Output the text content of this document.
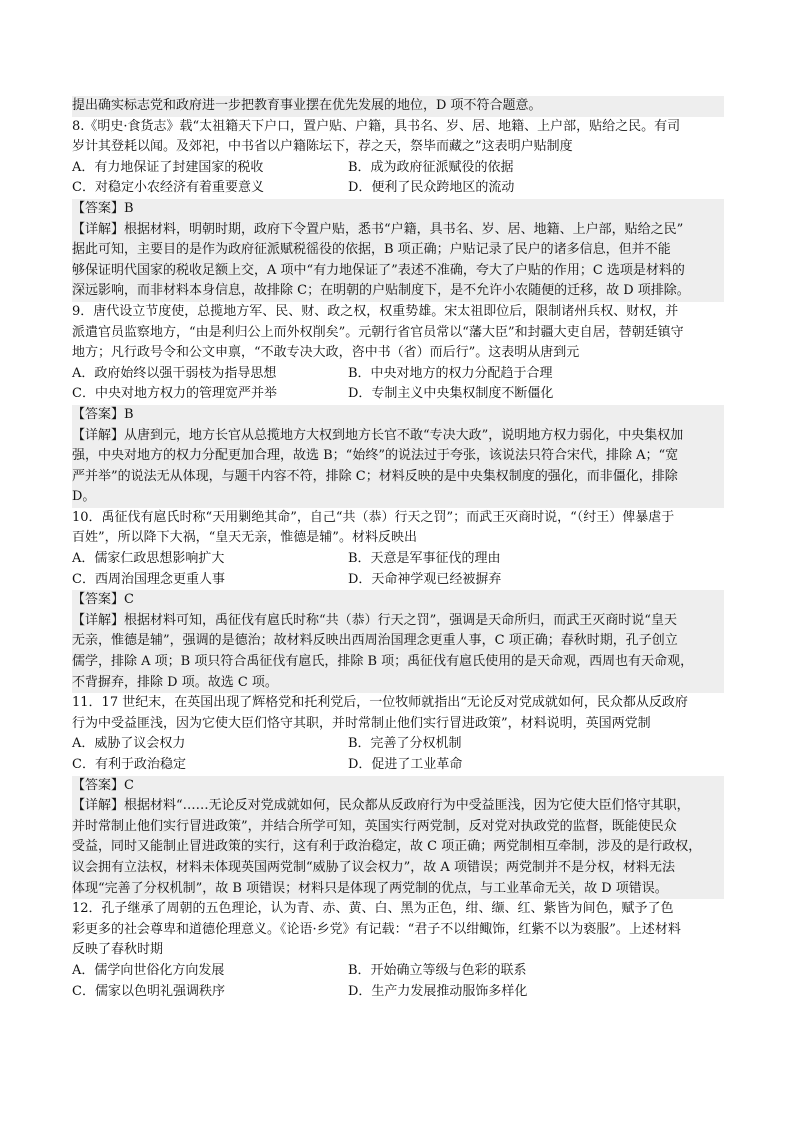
提出确实标志党和政府进一步把教育事业摆在优先发展的地位，D 项不符合题意。
8.《明史·食货志》载“太祖籍天下户口，置户贴、户籍，具书名、岁、居、地籍、上户部，贴给之民。有司
岁计其登耗以闻。及郊祀，中书省以户籍陈坛下，荐之天，祭毕而藏之”这表明户贴制度
A．有力地保证了封建国家的税收	B．成为政府征派赋役的依据
C．对稳定小农经济有着重要意义	D．便利了民众跨地区的流动
【答案】B
【详解】根据材料，明朝时期，政府下令置户贴，悉书“户籍，具书名、岁、居、地籍、上户部，贴给之民”
据此可知，主要目的是作为政府征派赋税徭役的依据，B 项正确；户贴记录了民户的诸多信息，但并不能
够保证明代国家的税收足额上交，A 项中“有力地保证了”表述不准确，夸大了户贴的作用；C 选项是材料的
深远影响，而非材料本身信息，故排除 C；在明朝的户贴制度下，是不允许小农随便的迁移，故 D 项排除。
9．唐代设立节度使，总揽地方军、民、财、政之权，权重势雄。宋太祖即位后，限制诸州兵权、财权，并
派遣官员监察地方，“由是利归公上而外权削矣”。元朝行省官员常以“藩大臣”和封疆大吏自居，替朝廷镇守
地方；凡行政号令和公文申禀，“不敢专决大政，咨中书（省）而后行”。这表明从唐到元
A．政府始终以强干弱枝为指导思想	B．中央对地方的权力分配趋于合理
C．中央对地方权力的管理宽严并举	D．专制主义中央集权制度不断僵化
【答案】B
【详解】从唐到元，地方长官从总揽地方大权到地方长官不敢“专决大政”，说明地方权力弱化，中央集权加
强，中央对地方的权力分配更加合理，故选 B；“始终”的说法过于夸张，该说法只符合宋代，排除 A；“宽
严并举”的说法无从体现，与题干内容不符，排除 C；材料反映的是中央集权制度的强化，而非僵化，排除
D。
10．禹征伐有扈氏时称“天用剿绝其命”，自己“共（恭）行天之罚”；而武王灭商时说，“（纣王）俾暴虐于
百姓”，所以降下大祸，“皇天无亲，惟德是辅”。材料反映出
A．儒家仁政思想影响扩大	B．天意是军事征伐的理由
C．西周治国理念更重人事	D．天命神学观已经被摒弃
【答案】C
【详解】根据材料可知，禹征伐有扈氏时称“共（恭）行天之罚”，强调是天命所归，而武王灭商时说“皇天
无亲，惟德是辅”，强调的是德治；故材料反映出西周治国理念更重人事，C 项正确；春秋时期，孔子创立
儒学，排除 A 项；B 项只符合禹征伐有扈氏，排除 B 项；禹征伐有扈氏使用的是天命观，西周也有天命观，
不背摒弃，排除 D 项。故选 C 项。
11．17 世纪末，在英国出现了辉格党和托利党后，一位牧师就指出“无论反对党成就如何，民众都从反政府
行为中受益匪浅，因为它使大臣们恪守其职，并时常制止他们实行冒进政策”，材料说明，英国两党制
A．威胁了议会权力	B．完善了分权机制
C．有利于政治稳定	D．促进了工业革命
【答案】C
【详解】根据材料“……无论反对党成就如何，民众都从反政府行为中受益匪浅，因为它使大臣们恪守其职，
并时常制止他们实行冒进政策”，并结合所学可知，英国实行两党制，反对党对执政党的监督，既能使民众
受益，同时又能制止冒进政策的实行，这有利于政治稳定，故 C 项正确；两党制相互牵制，涉及的是行政权，
议会拥有立法权，材料未体现英国两党制“威胁了议会权力”，故 A 项错误；两党制并不是分权，材料无法
体现“完善了分权机制”，故 B 项错误；材料只是体现了两党制的优点，与工业革命无关，故 D 项错误。
12．孔子继承了周朝的五色理论，认为青、赤、黄、白、黑为正色，绀、缬、红、紫皆为间色，赋予了色
彩更多的社会尊卑和道德伦理意义。《论语·乡党》有记载：“君子不以绀鲰饰，红紫不以为亵服”。上述材料
反映了春秋时期
A．儒学向世俗化方向发展	B．开始确立等级与色彩的联系
C．儒家以色明礼强调秩序	D．生产力发展推动服饰多样化
